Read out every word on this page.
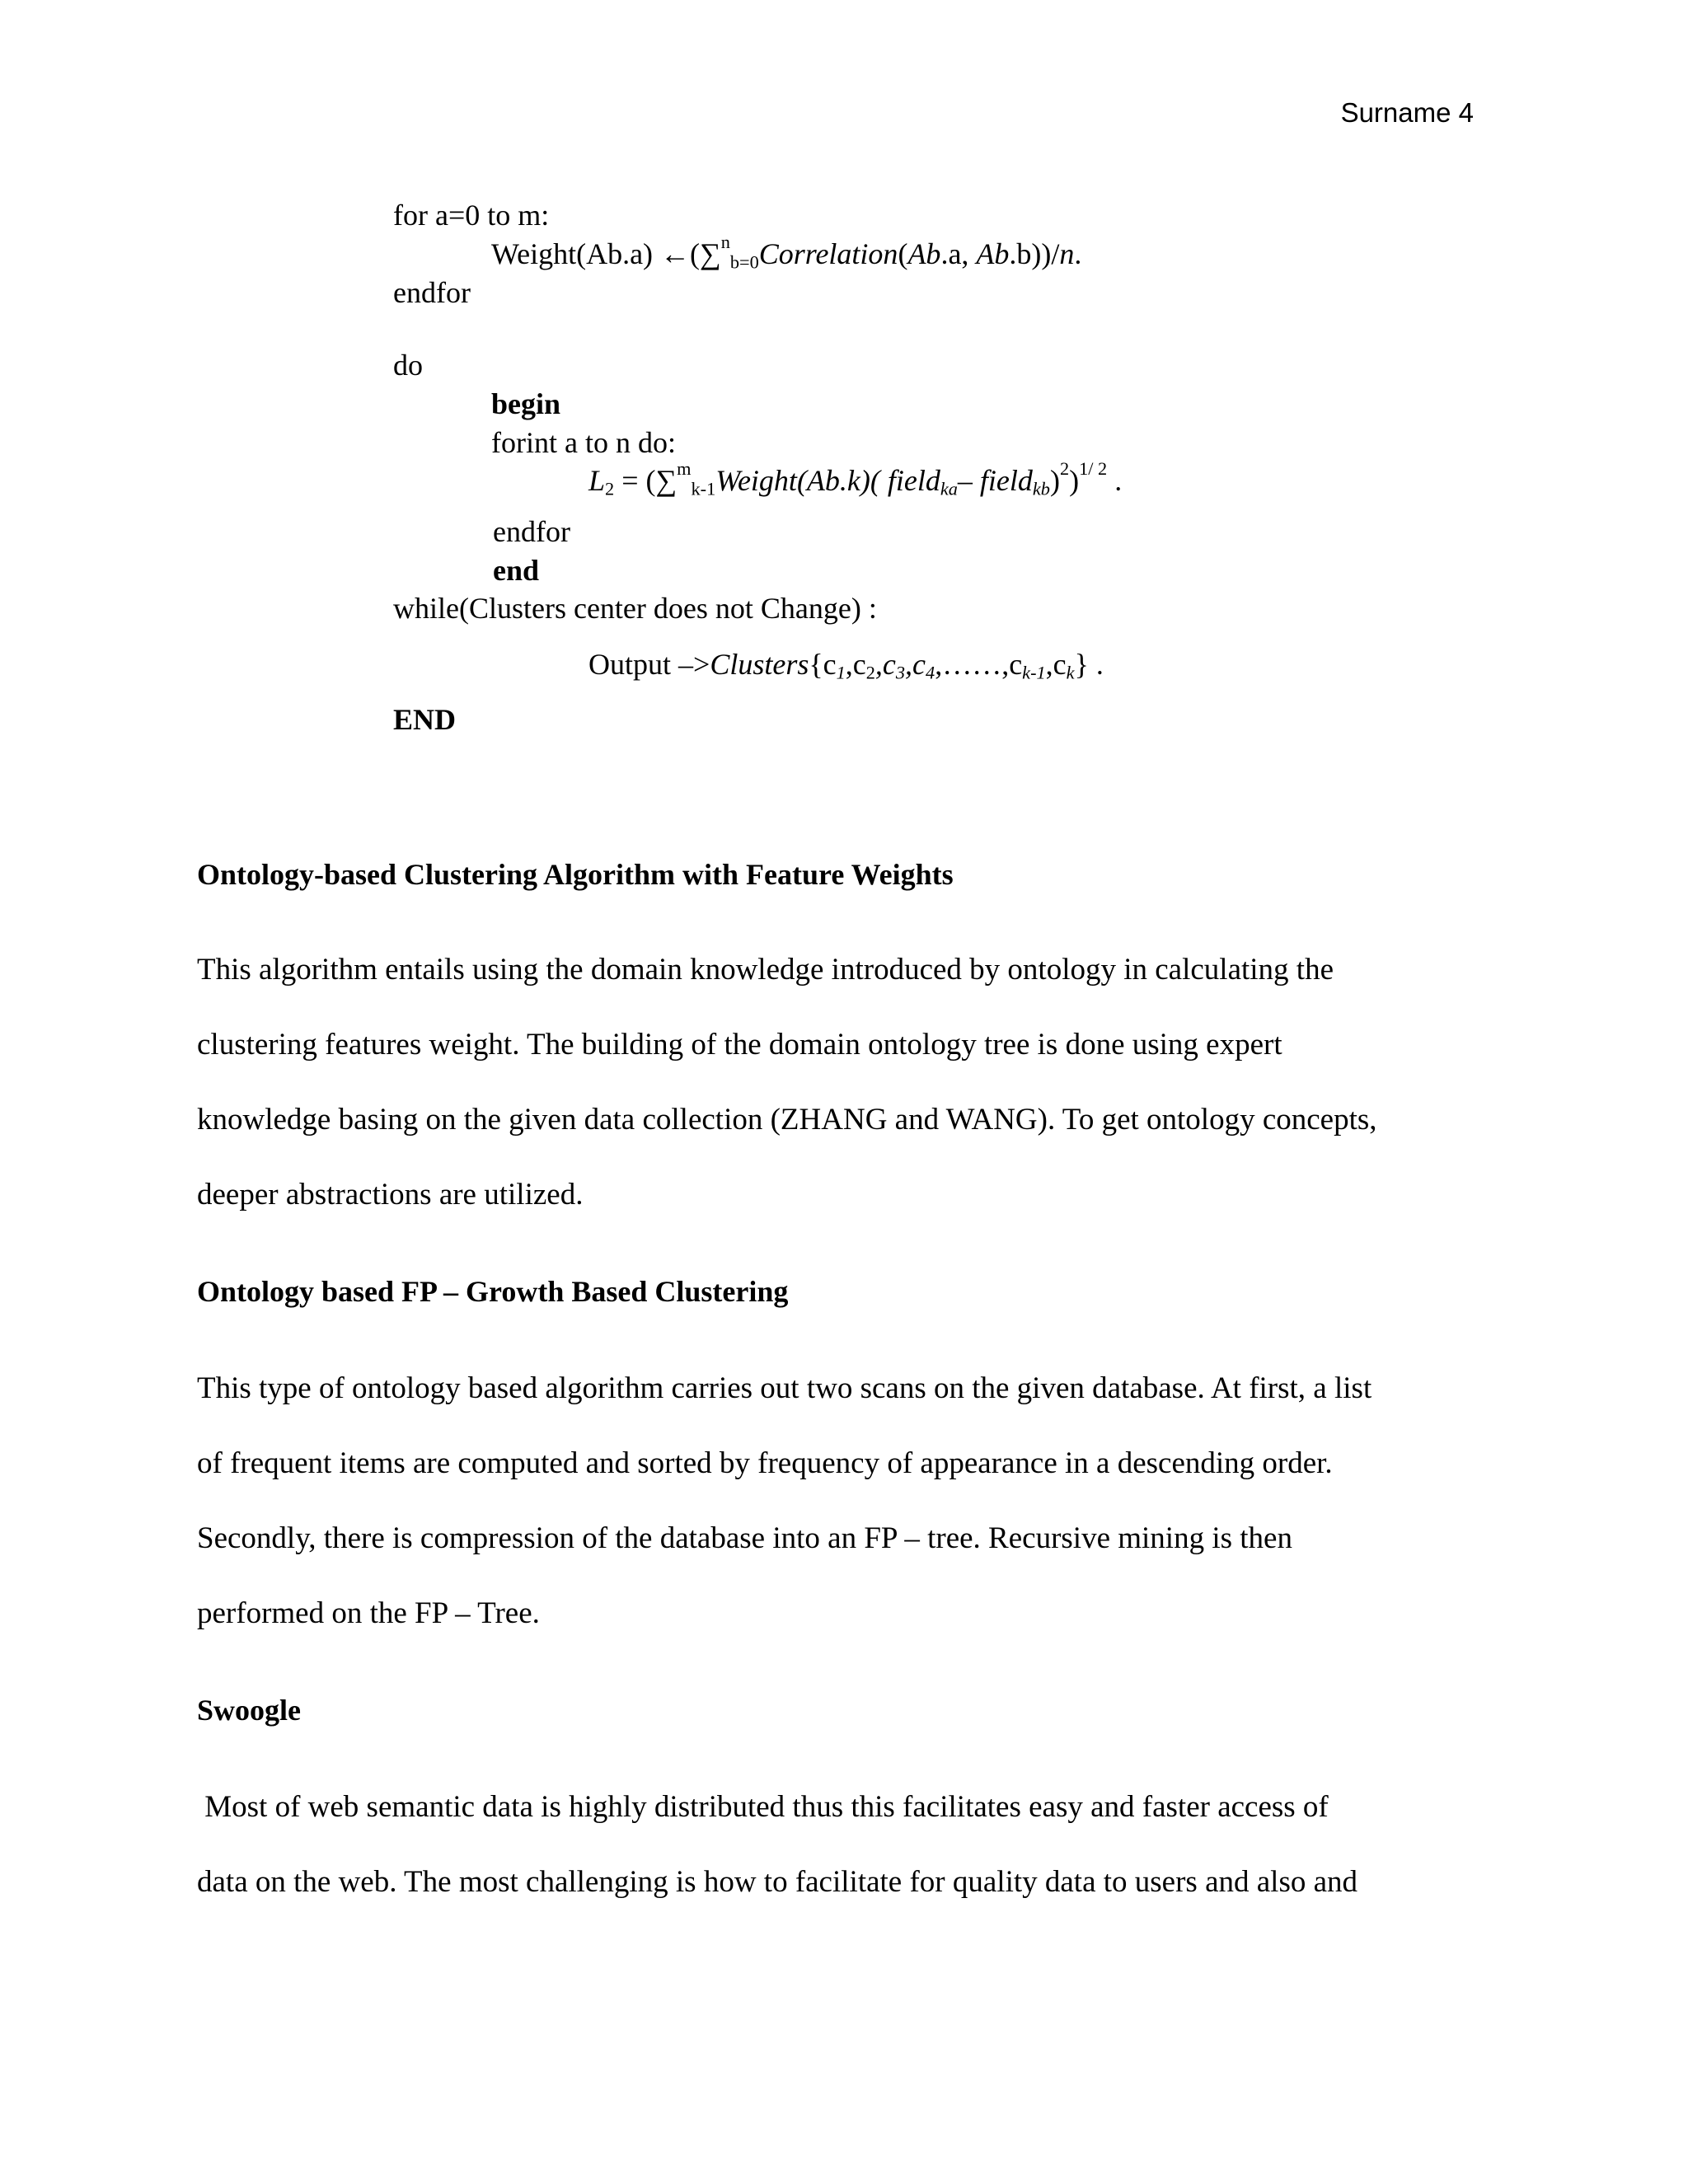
Surname 4
for a=0 to m:
Weight(Ab.a) ←(∑$^n_{b=0}$Correlation(Ab.a, Ab.b))/n.
endfor
do
begin
forint a to n do:
$L_2$ = (∑$^m_{k-1}$Weight(Ab.k)( field$_{ka}$– field$_{kb}$)$^2$)$^{1/ 2}$ .
endfor
end
while(Clusters center does not Change) :
Output $->Clusters\{c_1,c_2,c_3,c_4,\dots\dots,c_{k-1},c_k\}$ .
END
Ontology-based Clustering Algorithm with Feature Weights
This algorithm entails using the domain knowledge introduced by ontology in calculating the
clustering features weight. The building of the domain ontology tree is done using expert
knowledge basing on the given data collection (ZHANG and WANG). To get ontology concepts,
deeper abstractions are utilized.
Ontology based FP – Growth Based Clustering
This type of ontology based algorithm carries out two scans on the given database. At first, a list
of frequent items are computed and sorted by frequency of appearance in a descending order.
Secondly, there is compression of the database into an FP – tree. Recursive mining is then
performed on the FP – Tree.
Swoogle
Most of web semantic data is highly distributed thus this facilitates easy and faster access of
data on the web. The most challenging is how to facilitate for quality data to users and also and
